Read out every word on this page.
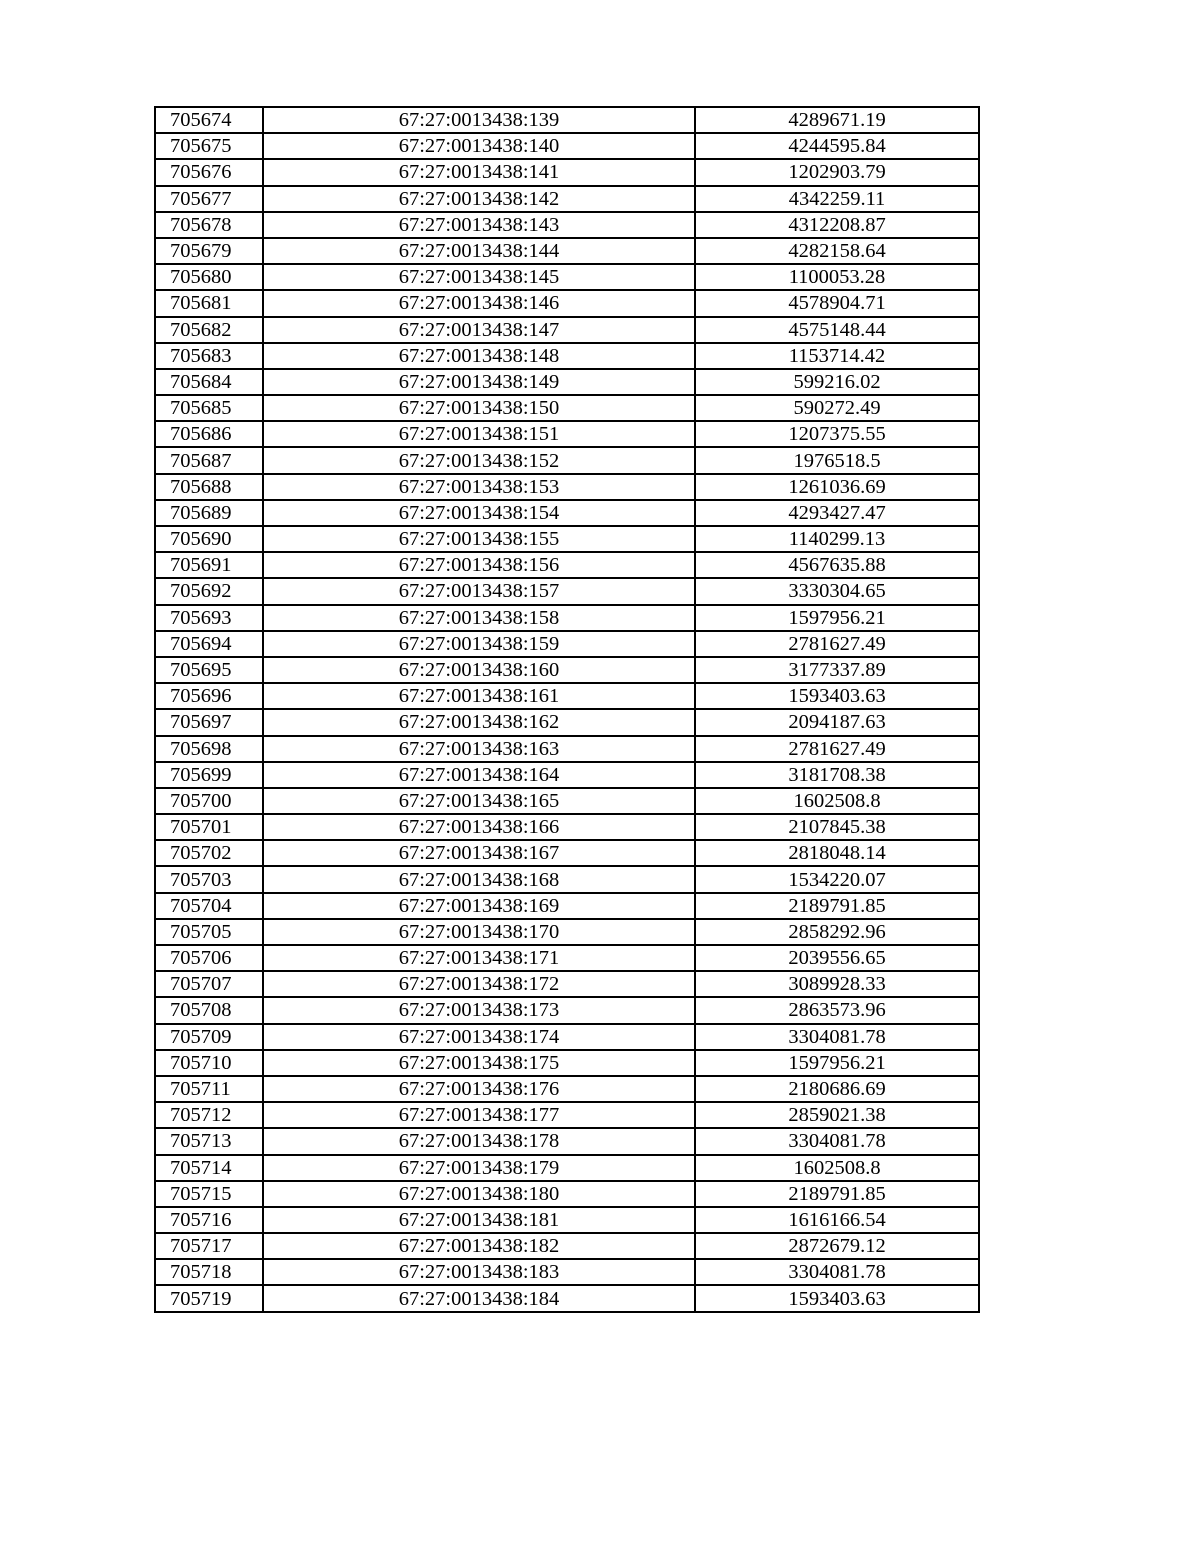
705674	67:27:0013438:139	4289671.19
705675	67:27:0013438:140	4244595.84
705676	67:27:0013438:141	1202903.79
705677	67:27:0013438:142	4342259.11
705678	67:27:0013438:143	4312208.87
705679	67:27:0013438:144	4282158.64
705680	67:27:0013438:145	1100053.28
705681	67:27:0013438:146	4578904.71
705682	67:27:0013438:147	4575148.44
705683	67:27:0013438:148	1153714.42
705684	67:27:0013438:149	599216.02
705685	67:27:0013438:150	590272.49
705686	67:27:0013438:151	1207375.55
705687	67:27:0013438:152	1976518.5
705688	67:27:0013438:153	1261036.69
705689	67:27:0013438:154	4293427.47
705690	67:27:0013438:155	1140299.13
705691	67:27:0013438:156	4567635.88
705692	67:27:0013438:157	3330304.65
705693	67:27:0013438:158	1597956.21
705694	67:27:0013438:159	2781627.49
705695	67:27:0013438:160	3177337.89
705696	67:27:0013438:161	1593403.63
705697	67:27:0013438:162	2094187.63
705698	67:27:0013438:163	2781627.49
705699	67:27:0013438:164	3181708.38
705700	67:27:0013438:165	1602508.8
705701	67:27:0013438:166	2107845.38
705702	67:27:0013438:167	2818048.14
705703	67:27:0013438:168	1534220.07
705704	67:27:0013438:169	2189791.85
705705	67:27:0013438:170	2858292.96
705706	67:27:0013438:171	2039556.65
705707	67:27:0013438:172	3089928.33
705708	67:27:0013438:173	2863573.96
705709	67:27:0013438:174	3304081.78
705710	67:27:0013438:175	1597956.21
705711	67:27:0013438:176	2180686.69
705712	67:27:0013438:177	2859021.38
705713	67:27:0013438:178	3304081.78
705714	67:27:0013438:179	1602508.8
705715	67:27:0013438:180	2189791.85
705716	67:27:0013438:181	1616166.54
705717	67:27:0013438:182	2872679.12
705718	67:27:0013438:183	3304081.78
705719	67:27:0013438:184	1593403.63
